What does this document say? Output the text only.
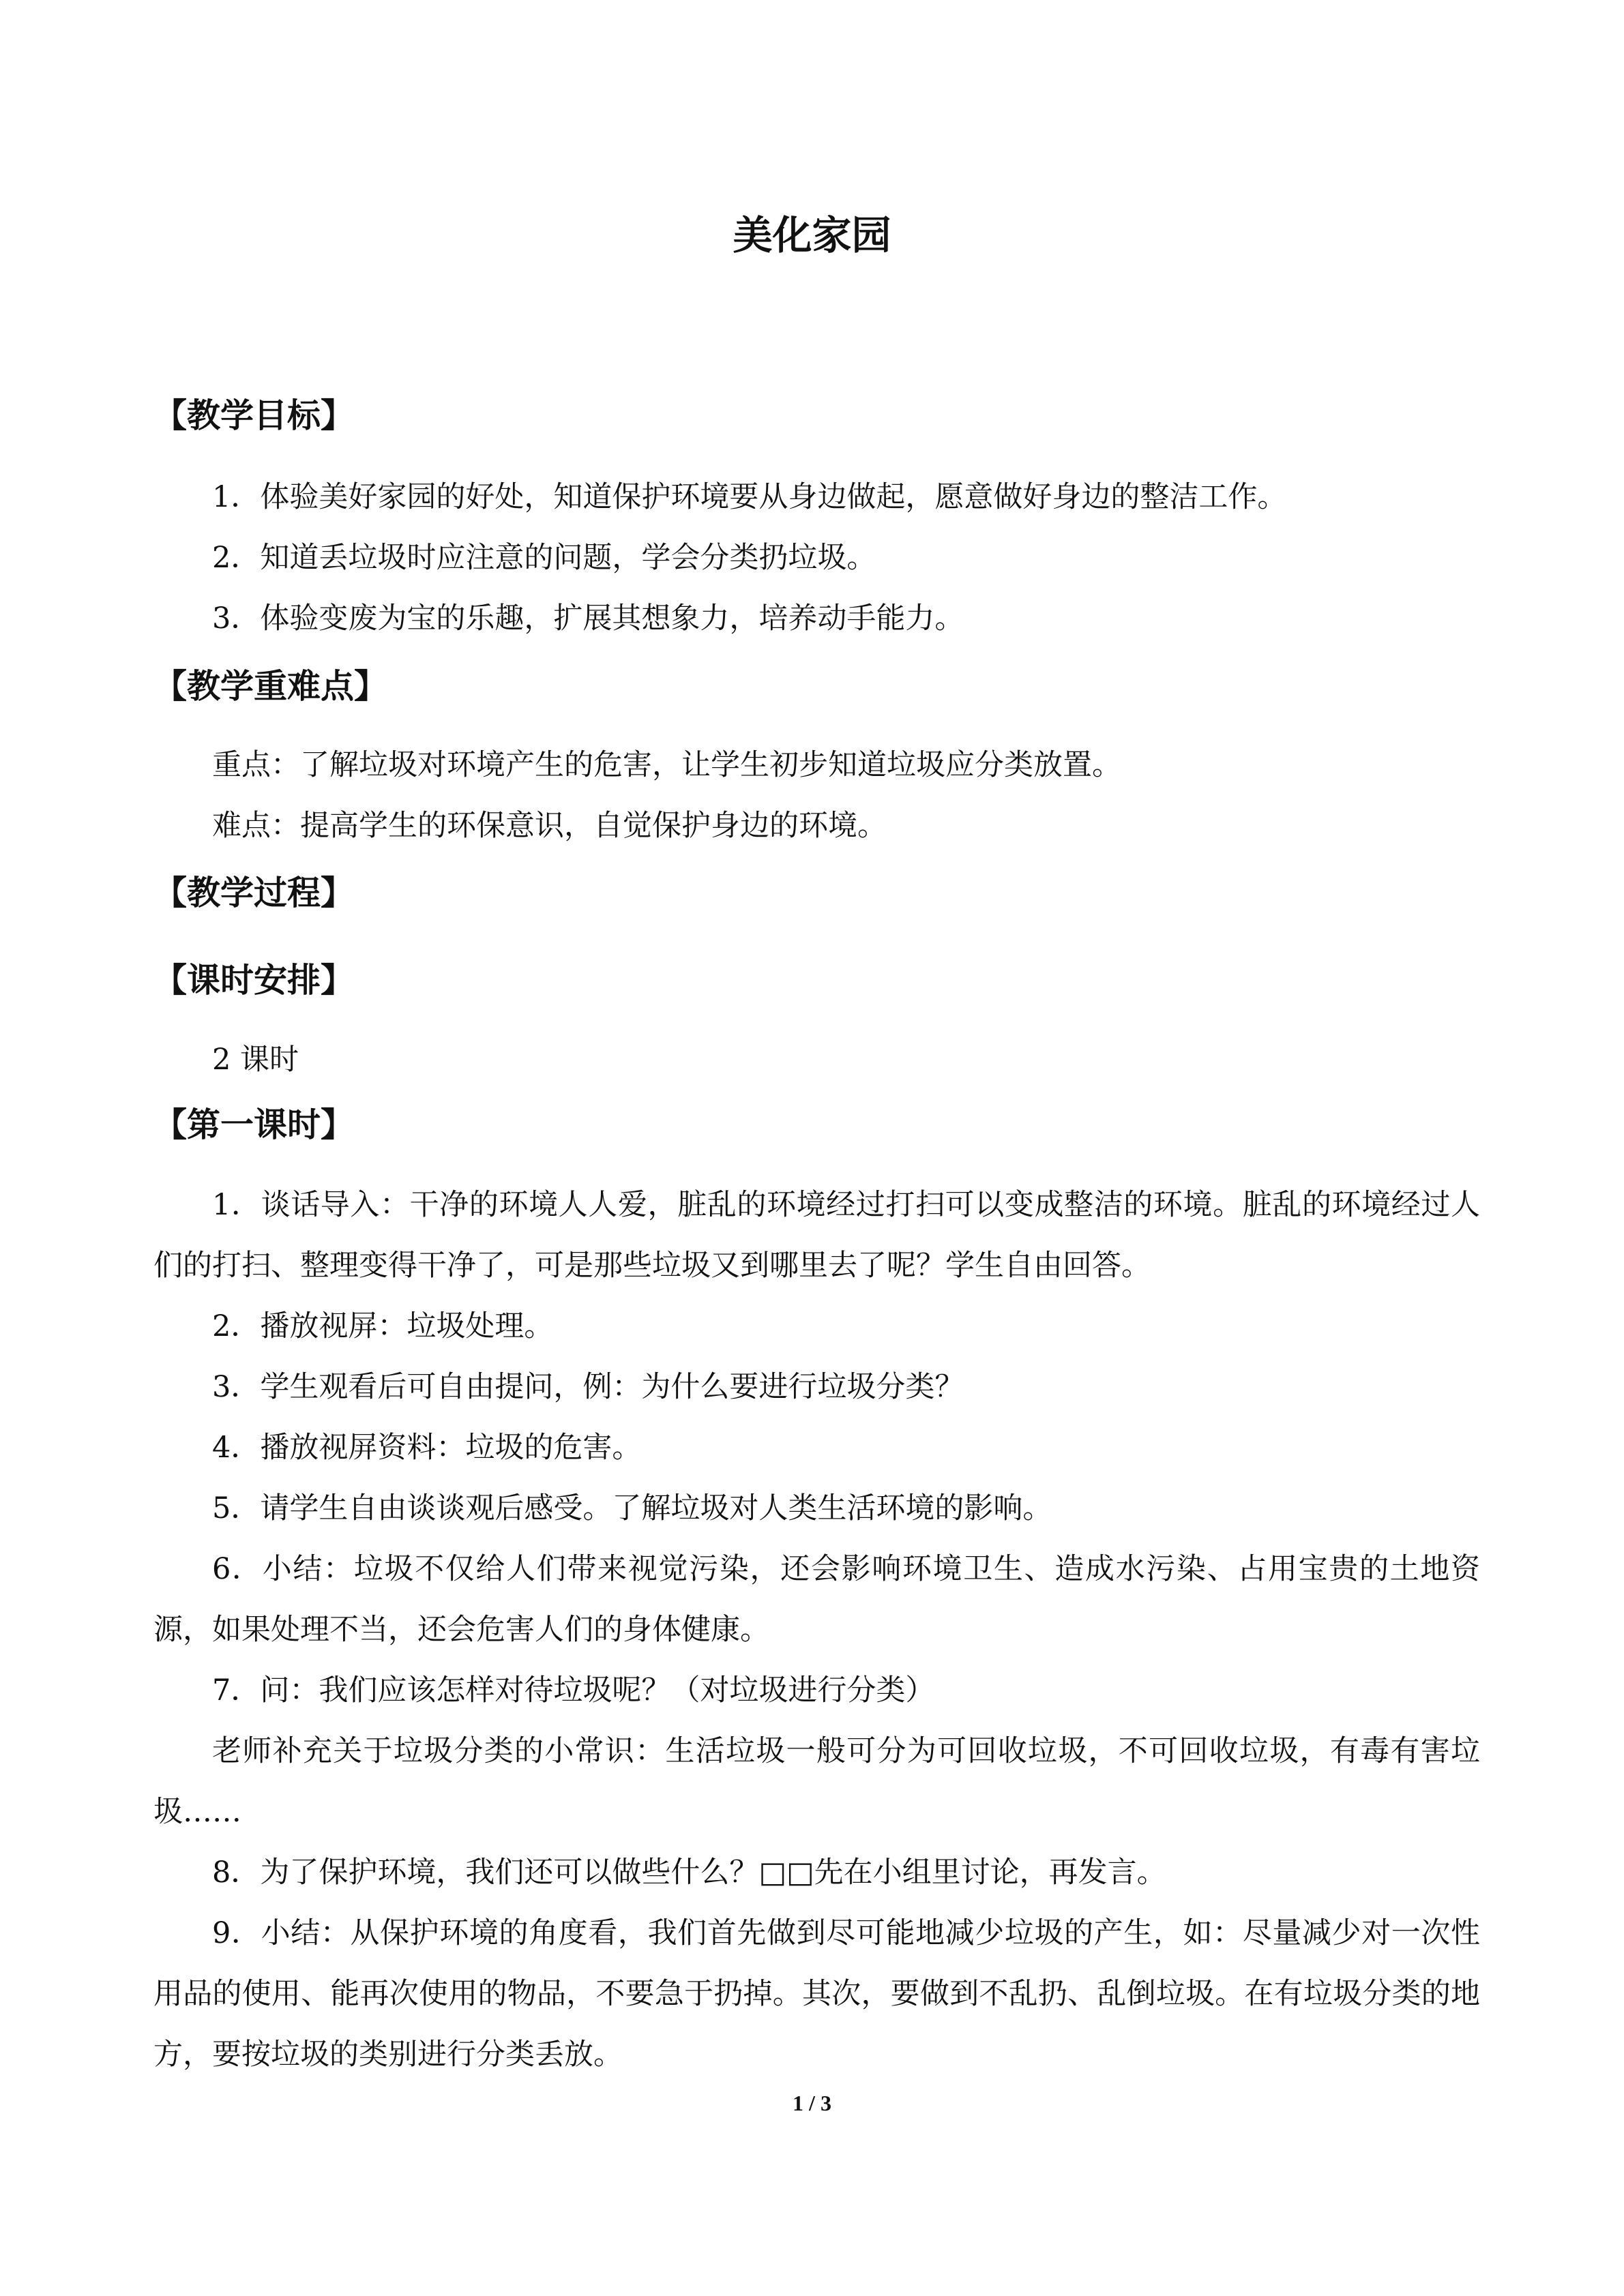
美化家园
【教学目标】

1．体验美好家园的好处，知道保护环境要从身边做起，愿意做好身边的整洁工作。

2．知道丢垃圾时应注意的问题，学会分类扔垃圾。

3．体验变废为宝的乐趣，扩展其想象力，培养动手能力。

【教学重难点】

重点：了解垃圾对环境产生的危害，让学生初步知道垃圾应分类放置。

难点：提高学生的环保意识，自觉保护身边的环境。

【教学过程】
【课时安排】

2 课时

【第一课时】

1．谈话导入：干净的环境人人爱，脏乱的环境经过打扫可以变成整洁的环境。脏乱的环境经过人们的打扫、整理变得干净了，可是那些垃圾又到哪里去了呢？学生自由回答。

2．播放视屏：垃圾处理。

3．学生观看后可自由提问，例：为什么要进行垃圾分类？

4．播放视屏资料：垃圾的危害。

5．请学生自由谈谈观后感受。了解垃圾对人类生活环境的影响。

6．小结：垃圾不仅给人们带来视觉污染，还会影响环境卫生、造成水污染、占用宝贵的土地资源，如果处理不当，还会危害人们的身体健康。

7．问：我们应该怎样对待垃圾呢？（对垃圾进行分类）

老师补充关于垃圾分类的小常识：生活垃圾一般可分为可回收垃圾，不可回收垃圾，有毒有害垃圾……

8．为了保护环境，我们还可以做些什么？□□先在小组里讨论，再发言。

9．小结：从保护环境的角度看，我们首先做到尽可能地减少垃圾的产生，如：尽量减少对一次性用品的使用、能再次使用的物品，不要急于扔掉。其次，要做到不乱扔、乱倒垃圾。在有垃圾分类的地方，要按垃圾的类别进行分类丢放。

1 / 3
